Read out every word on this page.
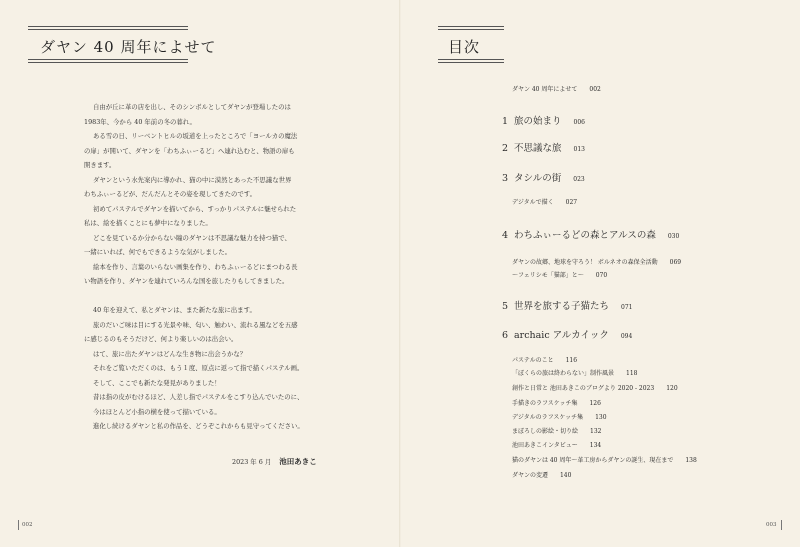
ダヤン 40 周年によせて

自由が丘に革の店を出し、そのシンボルとしてダヤンが登場したのは

1983年、今から 40 年前の冬の暮れ。

ある雪の日、リーベントヒルの坂道を上ったところで「ヨールカの魔法

の扉」が開いて、ダヤンを「わちふぃーるど」へ連れ込むと、物語の扉も

開きます。

ダヤンという水先案内に導かれ、猫の中に漠然とあった不思議な世界

わちふぃーるどが、だんだんとその姿を現してきたのです。

初めてパステルでダヤンを描いてから、すっかりパステルに魅せられた

私は、絵を描くことにも夢中になりました。

どこを見ているか分からない瞳のダヤンは不思議な魅力を持つ猫で、

一緒にいれば、何でもできるような気がしました。

絵本を作り、言葉のいらない画集を作り、わちふぃーるどにまつわる長

い物語を作り、ダヤンを連れていろんな国を旅したりもしてきました。

40 年を迎えて、私とダヤンは、また新たな旅に出ます。

旅のだいご味は目にする光景や味、匂い、触わい、流れる風などを五感

に感じるのもそうだけど、何より楽しいのは出会い。

はて、旅に出たダヤンはどんな生き物に出会うかな？

それをご覧いただくのは、もう１度、原点に返って指で描くパステル画。

そして、ここでも新たな発見がありました！

昔は指の皮がむけるほど、人差し指でパステルをこすり込んでいたのに、

今はほとんど小指の横を使って描いている。

進化し続けるダヤンと私の作品を、どうぞこれからも見守ってください。

2023 年 6 月 池田あきこ
002
目次
ダヤン 40 周年によせて 002
1 旅の始まり 006
2 不思議な旅 013
3 タシルの街 023
デジタルで描く 027
4 わちふぃーるどの森とアルスの森 030
ダヤンの故郷、地球を守ろう！ ボルネオの森保全活動 069
～フェリシモ「猫部」と～ 070
5 世界を旅する子猫たち 071
6 archaic アルカイック 094
パステルのこと 116
「ぼくらの旅は終わらない」制作風景 118
創作と日常と 池田あきこのブログより 2020 - 2023 120
手描きのラフスケッチ集 126
デジタルのラフスケッチ集 130
まぼろしの影絵・切り絵 132
池田あきこインタビュー 134
猫のダヤンは 40 周年～革工房からダヤンの誕生、現在まで 138
ダヤンの変遷 140
003
